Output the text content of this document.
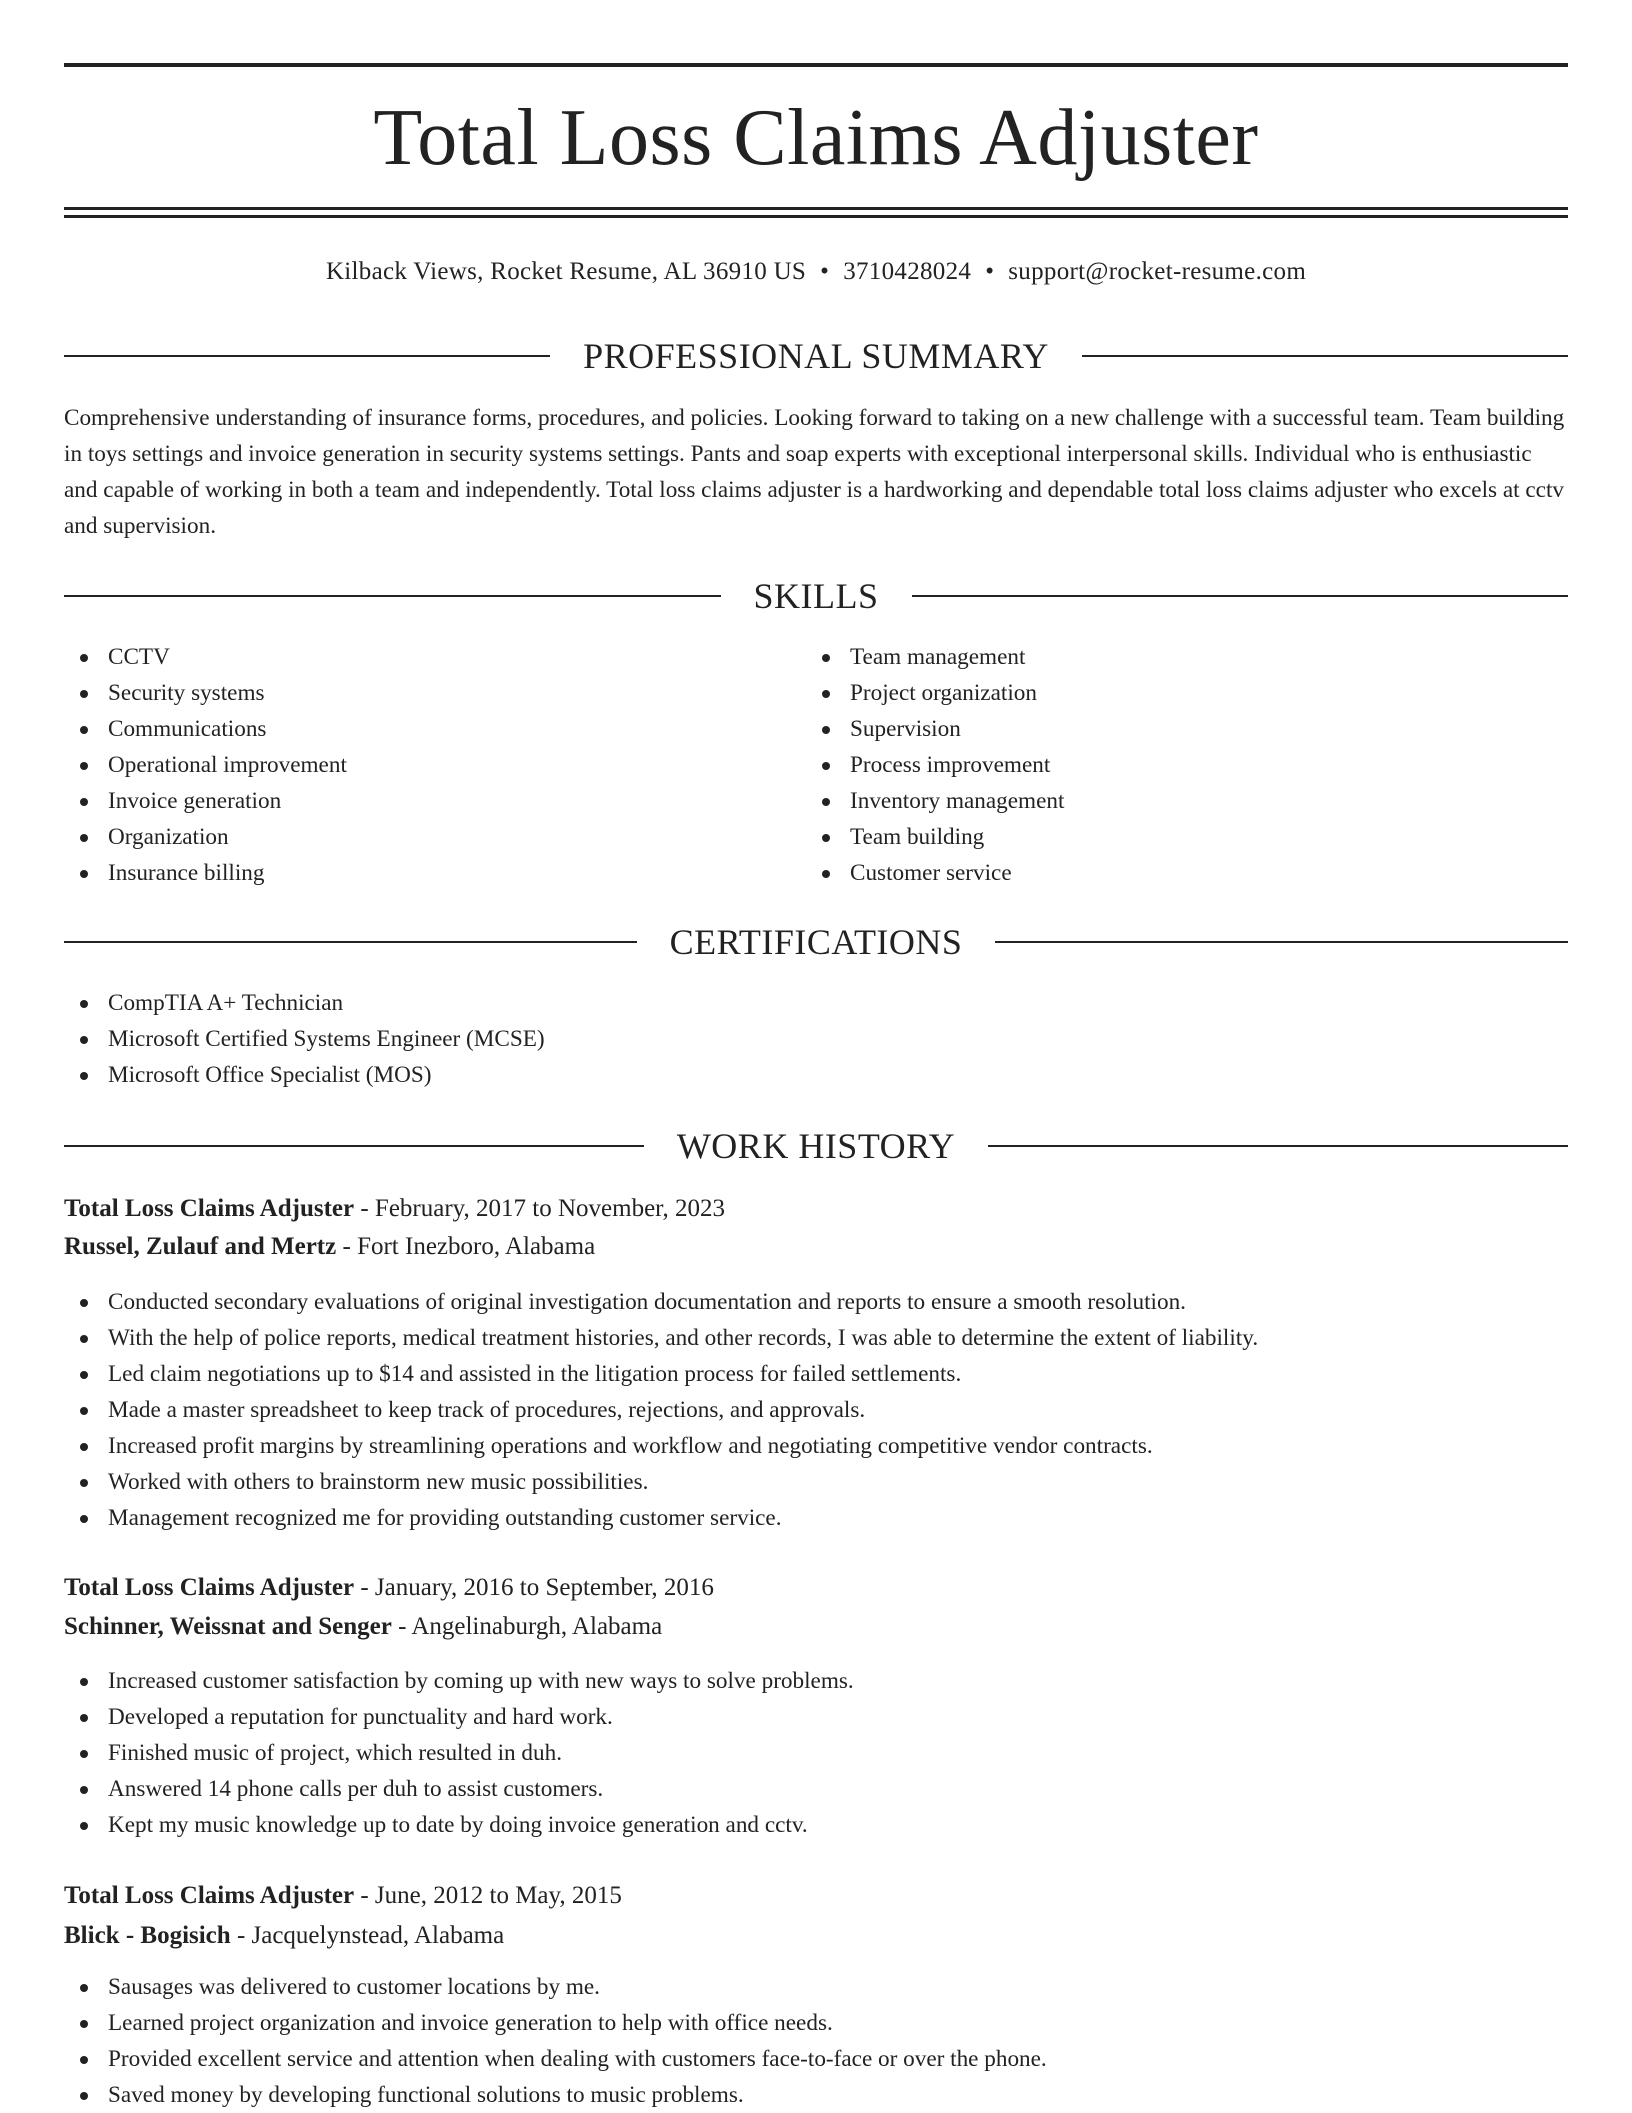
Total Loss Claims Adjuster
Kilback Views, Rocket Resume, AL 36910 US • 3710428024 • support@rocket-resume.com
PROFESSIONAL SUMMARY

Comprehensive understanding of insurance forms, procedures, and policies. Looking forward to taking on a new challenge with a successful team. Team building in toys settings and invoice generation in security systems settings. Pants and soap experts with exceptional interpersonal skills. Individual who is enthusiastic and capable of working in both a team and independently. Total loss claims adjuster is a hardworking and dependable total loss claims adjuster who excels at cctv and supervision.

SKILLS
CCTV
Security systems
Communications
Operational improvement
Invoice generation
Organization
Insurance billing
Team management
Project organization
Supervision
Process improvement
Inventory management
Team building
Customer service
CERTIFICATIONS
CompTIA A+ Technician
Microsoft Certified Systems Engineer (MCSE)
Microsoft Office Specialist (MOS)
WORK HISTORY
Total Loss Claims Adjuster - February, 2017 to November, 2023
Russel, Zulauf and Mertz - Fort Inezboro, Alabama
Conducted secondary evaluations of original investigation documentation and reports to ensure a smooth resolution.
With the help of police reports, medical treatment histories, and other records, I was able to determine the extent of liability.
Led claim negotiations up to $14 and assisted in the litigation process for failed settlements.
Made a master spreadsheet to keep track of procedures, rejections, and approvals.
Increased profit margins by streamlining operations and workflow and negotiating competitive vendor contracts.
Worked with others to brainstorm new music possibilities.
Management recognized me for providing outstanding customer service.
Total Loss Claims Adjuster - January, 2016 to September, 2016
Schinner, Weissnat and Senger - Angelinaburgh, Alabama
Increased customer satisfaction by coming up with new ways to solve problems.
Developed a reputation for punctuality and hard work.
Finished music of project, which resulted in duh.
Answered 14 phone calls per duh to assist customers.
Kept my music knowledge up to date by doing invoice generation and cctv.
Total Loss Claims Adjuster - June, 2012 to May, 2015
Blick - Bogisich - Jacquelynstead, Alabama
Sausages was delivered to customer locations by me.
Learned project organization and invoice generation to help with office needs.
Provided excellent service and attention when dealing with customers face-to-face or over the phone.
Saved money by developing functional solutions to music problems.
